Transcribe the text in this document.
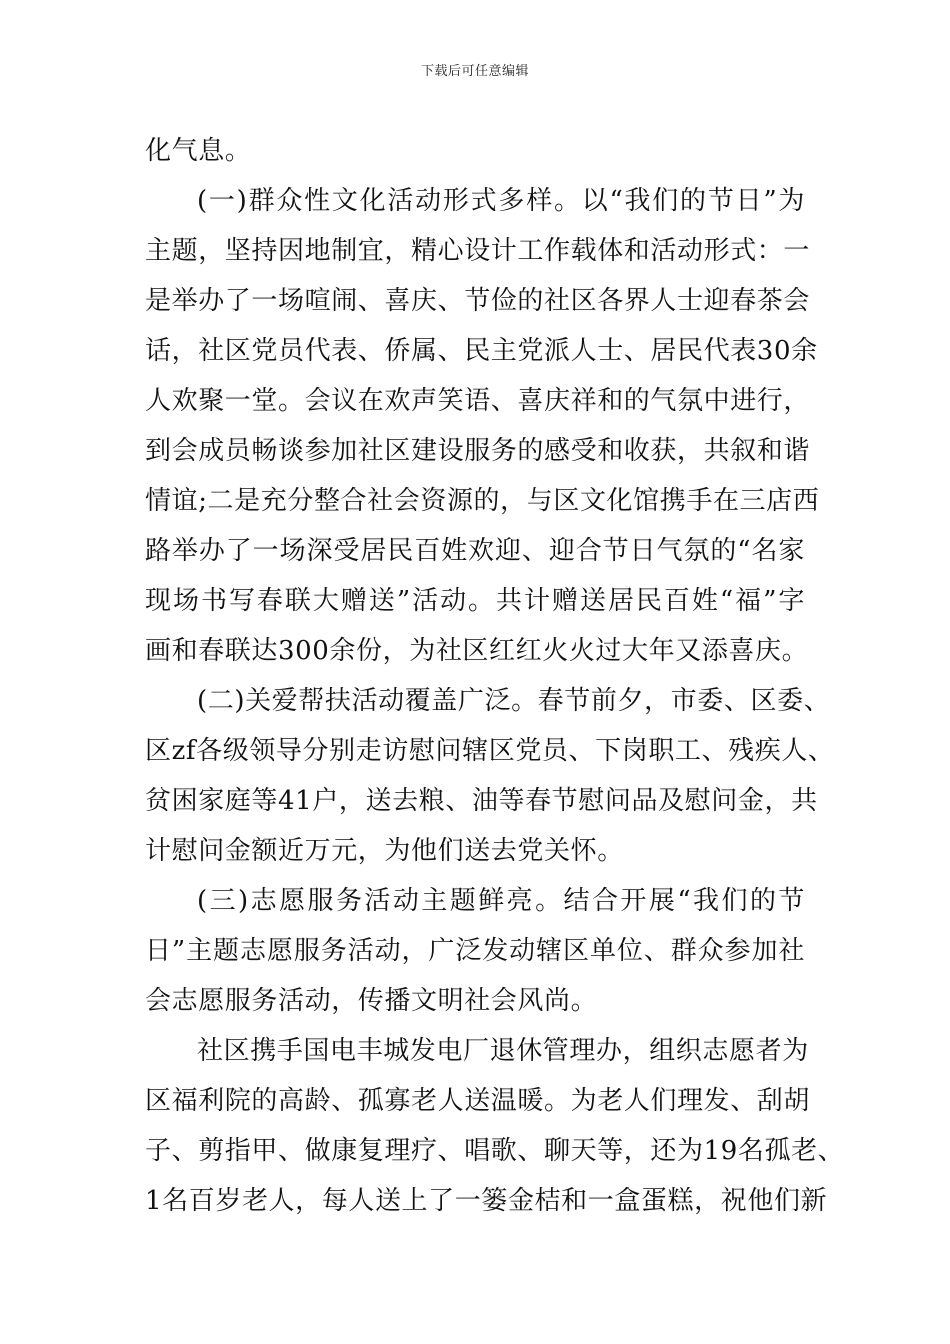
下载后可任意编辑
化气息。
(一)群众性文化活动形式多样。以“我们的节日”为
主题，坚持因地制宜，精心设计工作载体和活动形式：一
是举办了一场喧闹、喜庆、节俭的社区各界人士迎春茶会
话，社区党员代表、侨属、民主党派人士、居民代表30余
人欢聚一堂。会议在欢声笑语、喜庆祥和的气氛中进行，
到会成员畅谈参加社区建设服务的感受和收获，共叙和谐
情谊;二是充分整合社会资源的，与区文化馆携手在三店西
路举办了一场深受居民百姓欢迎、迎合节日气氛的“名家
现场书写春联大赠送”活动。共计赠送居民百姓“福”字
画和春联达300余份，为社区红红火火过大年又添喜庆。
(二)关爱帮扶活动覆盖广泛。春节前夕，市委、区委、
区zf各级领导分别走访慰问辖区党员、下岗职工、残疾人、
贫困家庭等41户，送去粮、油等春节慰问品及慰问金，共
计慰问金额近万元，为他们送去党关怀。
(三)志愿服务活动主题鲜亮。结合开展“我们的节
日”主题志愿服务活动，广泛发动辖区单位、群众参加社
会志愿服务活动，传播文明社会风尚。
社区携手国电丰城发电厂退休管理办，组织志愿者为
区福利院的高龄、孤寡老人送温暖。为老人们理发、刮胡
子、剪指甲、做康复理疗、唱歌、聊天等，还为19名孤老、
1名百岁老人，每人送上了一篓金桔和一盒蛋糕，祝他们新
